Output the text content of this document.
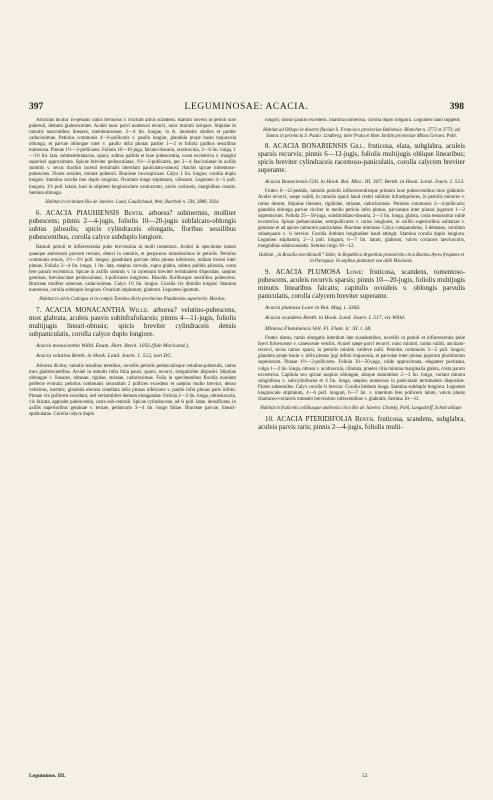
397	LEGUMINOSAE: ACACIA.	398

Articulus dicitur 10-pedalis ramis flexuosis v. fructum altius scandens. Ramuli novelli ut petioli laxe puberuli, demum glabrescentes. Aculei nunc parvi numerosi recurvi, nunc minimi rariques. Stipulae in ramulis nascentibus lineares, membranaceae, 3—4 lin. longae, in A. laurentia similes et pariter caducissimae. Petiolus communis 4—6-pollicaris v. paullo longior, glandula prope basin majuscula oblonga, et parvae oblongae inter v. paullo infra pinnas pariter 1—2 et foliola paribus sessilibus numerosa. Pinnae 1½—3-pollicares. Foliola 10—16-juga, falcato-linearia, acutiuscula, 3—6 lin. longa, 1—1½ lin. lata, submembranacea, opaca, subtus pallida et laxe pubescentia, costa excentrica v. margini superiori approximata. Spicae breviter pedunculatae, 1½—2-pollicares, per 2—4 fasciculatae in axillis summis v. secus rhachin racemi terminalis interdum paniculato-ramosi; rhachis spicae tomentoso-pubescens. Flores sessiles, minute puberuli. Bracteae inconspicuae. Calyx 1 lin. longus; corolla duplo longior. Stamina corolla non duplo longiora. Ovarium longe stipitatum, villosum. Legumen 4—5 poll. longum, 1½ poll. latum, basi in stipitem longiusculum contractum, valvis coriaceis, marginibus crassis. Semina oblonga.

Habitat in vicinitate Rio de Janeiro: Lund, Gaudichaud, Weir, Burchell n. 594, 3888, 3924.

6. ACACIA PIAUHIENSIS Benth. arborea? subinermis, molliter pubescens; pinnis 2—4-jugis, foliolis 10—20-jugis subfalcato-oblongis subtus pilosulis; spicis cylindraceis elongatis, floribus sessilibus pubescentibus, corolla calyce subduplo longiore.

Ramuli petioli et inflorescentia pube brevissima at molli tomentosi. Aculei in specimine tamen quaeque antrorsum parvum rectum, detexi in ramulis, et perpaucos minutissimos in petiolis. Petiolus communis tenuis, 1½—2½ poll. longus; glandulam parvam infra pinnas inferiores, nullam inveni inter pinnas. Foliola 3—4 lin. longa, 1 lin. lata, saepius curvula, supra glabra, subtus pallida pilosula, costa fere parum excentrica. Spicae in axillis summis v. in racemum breviter terminalem dispositae, saepius geminae, breviusculae pedunculatae, 3-pollicares longiores. Rhachis floribusque sessilibus pubescens. Bracteae molliter setaceae, caducissimae. Calyx 1½ lin. longus. Corolla vix dimidio longior. Stamina numerosa, corolla subduplo longiora. Ovarium stipitatum, glabrum. Legumen ignotum.

Habitat in silvis Catingas et in campis Turedos dictis provinciae Piauhiensis superioris: Martius.

7. ACACIA MONACANTHA Willd. arborea? velutino-pubescens, mox glabrata, aculeis pauvis subinfrafoliaceis; pinnis 4—11-jugis, foliolis multijugis lineari-obtusis; spicis breviter cylindraceis densis subpaniculatis, corolla calyce duplo longiore.

Acacia monacantha Willd. Enum. Hort. Berol. 1056 (fide Moricand.).

Acacia velutina Benth. in Hook. Lond. Journ. 1. 512, non DC.

Arborea dicitur, ramulis tenuibus teretibus, novellis petiolis pedunculisque velutino-puberulis, ramis mox glabrescentibus. Aculei in ramulis infra folia pauci, sparsi, recurvi, irregulariter dispositi. Stipulae oblongae v. lineares, obtusae, rigidae, striatae, caducissimae. Folia in specimenibus floridis nondum perfecte evoluta; petiolus communis secundum 2 pollices excedens et saepius multo brevior, denso velutinus, inermis; glandula elevata cratellata infra pinnas inferiores v. paullo infra pinnas paris infimi. Pinnae vix pollicem excedunt, sed verisimiliter demum elongandae. Foliola 2—3 lin. longa, obtusiuscula, vix falcata, apposite pubescentia, costa sub-centrali. Spicae cylindraceae, ad ¾ poll. latae, densiflorae, in axillis superioribus geminae v. ternae, pedunculo 3—4 lin. longo fultae. Bracteae parvae, lineari-spathulatae. Corolla calyce duplo

longior, lineari paullo excedens. Stamina numerosa, corolla duplo longiora. Legumen haud suppetit.

Habitat ad Obispo in deserto fluviale S. Francisco provinciae Bahiensis: Blanchet n. 3772 et 3773; ad Santos in provincia S. Paulo: Lindberg; inter Prata et Bom Jardim provinciae Minas Geraes: Pohl.

8. ACACIA BONARIENSIS Gill. fruticosa, elata, subglabra, aculeis sparsis recurvis; pinnis 6—12-jugis, foliolis multijugis oblique linearibus; spicis breviter cylindraceis racemoso-paniculatis, corolla calycem breviter superante.

Acacia Bonariensis Gill. in Hook. Bot. Misc. III. 307; Benth. in Hook. Lond. Journ. I. 513.

Frutex 8—12-pedalis, ramulis petiolis inflorescentiisque primum laxe pubescentibus mox glabratis. Aculei recurvi, saepe validi, in ramulis sparsi haud crebri sublinis infrastipulores, in petiolis minores v. rarius desunt. Stipulae lineares, rigidulae, striatae, caducissimae. Petiolus communis 3—4-pollicaris; glandula oblonga parvae circiter in medio petiolo infra pinnas, parvaeque inter pinnas jugorum 1—2 supremorum. Foliola 25—50-juga, subdimidiato-linearia, 2—3 lin. longa, glabra, costa tenuissima valde excentrica. Spicae pedunculatae, semipollicares v. rarius longiores, in axillis superioribus solitariae v. geminae et ad apices ramorum paniculatae. Bracteae minimae. Calyx campanulatus, 5-dentatus, corollam subaequans v. ¼ brevior. Corolla limbum longitudine haud attingit. Stamina corolla duplo longiora. Legumen stipitatum, 2—3 poll. longum, 6—7 lin. latum, glabrum, valvis coriaceis laeviusculis, marginibus subincrassatis. Semina valgo 10—12.

Habitat „in Brasilia meridionali“ Sello; in Republica Argentina praesertim circa Buenos Ayres frequens et in Paraguay. In sepibus plantatur seu alibi Missionis.

9. ACACIA PLUMOSA Lowe: fruticosa, scandens, tomentoso-pubescens, aculeis recurvis sparsis; pinnis 10—20-jugis, foliolis multijugis minutis linearibus falcatis; capitulis ovoideis v. oblongis parvulis paniculatis, corolla calycem breviter superante.

Acacia plumosa Lowe in Bot. Mag. t. 3366.

Acacia scandens Benth. in Hook. Lond. Journ. I. 517, vix Willd.

Mimosa Fluminensis Vell. Fl. Flum. Ic. XI. t. 38.

Frutex elatus, ramis elongatis interdum late scandentibus, novellis ut petioli et inflorescentia pube brevi fulvescente v. canescente vestitis. Aculei saepe parvi recurvi, nunc minimi, rarius validi, uncinato-recurvi, secus ramos sparsi, in petiolis minimi valdeve nulli. Petiolus communis 3—5 poll. longus; glandula prope basin v. infra pinnas jugi infimi majuscula, et parvulae inter pinnas jugorum plurimorum superiorum. Pinnae 1½—2-pollicares. Foliola 30—50-juga, valde approximata, eleganter pectinata, vulgo 1—2 lin. longa, obtusa v. acutiuscula, ciliolata, praeter cilia minima marginalia glabra, costa parum excentrica. Capitula seu spicae saepius oblongae, absque staminibus 2—3 lin. longa, variant minora subglobosa v. subcylindracea et 4 lin. longa, saepius numerosa in paniculam terminalem dispositae. Flores subsessiles. Calyx corolla ¼ brevior. Corolla limbum longa. Stamina subduplo longiora. Legumen longiuscule stipitatum, 4—6 poll. longum, 6—7 lin. v. interdum fere pollicem latum, valvis planis chartaceo-coriaceis tomento brevissimo rufescentibus v. glabratis. Semina 10—12.

Habitat in fruticetis collibusque umbrosis circa Rio de Janeiro: Lhotsky, Pohl, Langsdorff, Schott aliique.

10. ACACIA PTERIDIFOLIA Benth. fruticosa, scandens, subglabra, aculeis parvis raris; pinnis 2—4-jugis, foliolis multi-

Leguminos. III.	52
